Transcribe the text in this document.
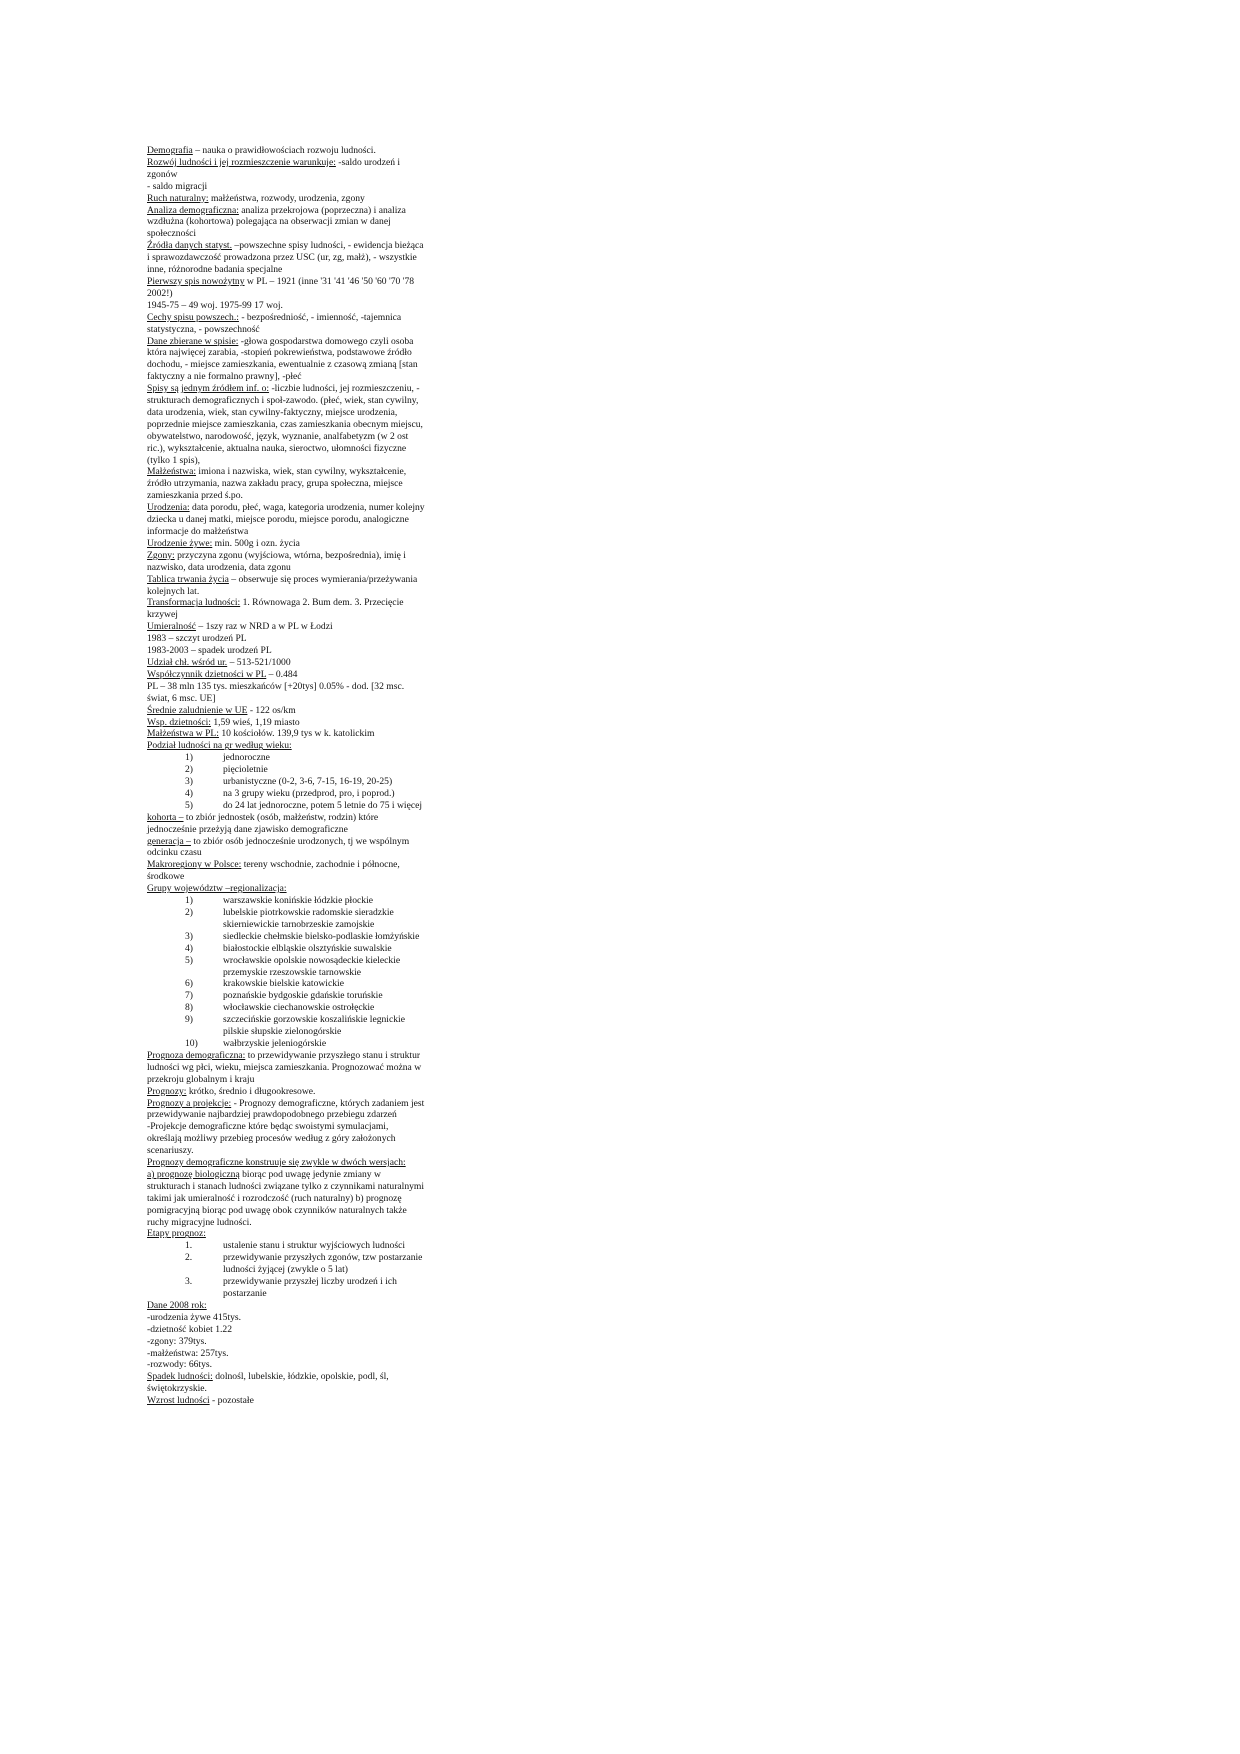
Demografia – nauka o prawidłowościach rozwoju ludności.
Rozwój ludności i jej rozmieszczenie warunkuje: -saldo urodzeń i zgonów
- saldo migracji
Ruch naturalny: małżeństwa, rozwody, urodzenia, zgony
Analiza demograficzna: analiza przekrojowa (poprzeczna) i analiza wzdłużna (kohortowa) polegająca na obserwacji zmian w danej społeczności
Źródła danych statyst. –powszechne spisy ludności, - ewidencja bieżąca i sprawozdawczość prowadzona przez USC (ur, zg, małż), - wszystkie inne, różnorodne badania specjalne
Pierwszy spis nowożytny w PL – 1921 (inne '31 '41 '46 '50 '60 '70 '78 2002!)
1945-75 – 49 woj. 1975-99 17 woj.
Cechy spisu powszech.: - bezpośredniość, - imienność, -tajemnica statystyczna, - powszechność
Dane zbierane w spisie: -głowa gospodarstwa domowego czyli osoba która najwięcej zarabia, -stopień pokrewieństwa, podstawowe źródło dochodu, - miejsce zamieszkania, ewentualnie z czasową zmianą [stan faktyczny a nie formalno prawny], -płeć
Spisy są jednym źródłem inf. o: -liczbie ludności, jej rozmieszczeniu, - strukturach demograficznych i społ-zawodo. (płeć, wiek, stan cywilny, data urodzenia, wiek, stan cywilny-faktyczny, miejsce urodzenia, poprzednie miejsce zamieszkania, czas zamieszkania obecnym miejscu, obywatelstwo, narodowość, język, wyznanie, analfabetyzm (w 2 ost ric.), wykształcenie, aktualna nauka, sieroctwo, ułomności fizyczne (tylko 1 spis),
Małżeństwa: imiona i nazwiska, wiek, stan cywilny, wykształcenie, źródło utrzymania, nazwa zakładu pracy, grupa społeczna, miejsce zamieszkania przed ś.po.
Urodzenia: data porodu, płeć, waga, kategoria urodzenia, numer kolejny dziecka u danej matki, miejsce porodu, miejsce porodu, analogiczne informacje do małżeństwa
Urodzenie żywe: min. 500g i ozn. życia
Zgony: przyczyna zgonu (wyjściowa, wtórna, bezpośrednia), imię i nazwisko, data urodzenia, data zgonu
Tablica trwania życia – obserwuje się proces wymierania/przeżywania kolejnych lat.
Transformacja ludności: 1. Równowaga 2. Bum dem. 3. Przecięcie krzywej
Umieralność – 1szy raz w NRD a w PL w Łodzi
1983 – szczyt urodzeń PL
1983-2003 – spadek urodzeń PL
Udział chł. wśród ur. – 513-521/1000
Współczynnik dzietności w PL – 0.484
PL – 38 mln 135 tys. mieszkańców [+20tys] 0.05% - dod. [32 msc. świat, 6 msc. UE]
Średnie zaludnienie w UE - 122 os/km
Wsp. dzietności: 1,59 wieś, 1,19 miasto
Małżeństwa w PL: 10 kościołów. 139,9 tys w k. katolickim
Podział ludności na gr według wieku:
1)	jednoroczne
2)	pięcioletnie
3)	urbanistyczne (0-2, 3-6, 7-15, 16-19, 20-25)
4)	na 3 grupy wieku (przedprod, pro, i poprod.)
5)	do 24 lat jednoroczne, potem 5 letnie do 75 i więcej
kohorta – to zbiór jednostek (osób, małżeństw, rodzin) które jednocześnie przeżyją dane zjawisko demograficzne
generacja – to zbiór osób jednocześnie urodzonych, tj we wspólnym odcinku czasu
Makroregiony w Polsce: tereny wschodnie, zachodnie i północne, środkowe
Grupy województw –regionalizacja:
1)	warszawskie konińskie łódzkie płockie
2)	lubelskie piotrkowskie radomskie sieradzkie skierniewickie tarnobrzeskie zamojskie
3)	siedleckie chełmskie bielsko-podlaskie łomżyńskie
4)	białostockie elbląskie olsztyńskie suwalskie
5)	wrocławskie opolskie nowosądeckie kieleckie przemyskie rzeszowskie tarnowskie
6)	krakowskie bielskie katowickie
7)	poznańskie bydgoskie gdańskie toruńskie
8)	włocławskie ciechanowskie ostrołęckie
9)	szczecińskie gorzowskie koszalińskie legnickie pilskie słupskie zielonogórskie
10)	wałbrzyskie jeleniogórskie
Prognoza demograficzna: to przewidywanie przyszłego stanu i struktur ludności wg płci, wieku, miejsca zamieszkania. Prognozować można w przekroju globalnym i kraju
Prognozy: krótko, średnio i długookresowe.
Prognozy a projekcje: - Prognozy demograficzne, których zadaniem jest przewidywanie najbardziej prawdopodobnego przebiegu zdarzeń
-Projekcje demograficzne które będąc swoistymi symulacjami, określają możliwy przebieg procesów według z góry założonych scenariuszy.
Prognozy demograficzne konstruuje się zwykle w dwóch wersjach:
a) prognozę biologiczną biorąc pod uwagę jedynie zmiany w strukturach i stanach ludności związane tylko z czynnikami naturalnymi takimi jak umieralność i rozrodczość (ruch naturalny) b) prognozę pomigracyjną biorąc pod uwagę obok czynników naturalnych także ruchy migracyjne ludności.
Etapy prognoz:
1.	ustalenie stanu i struktur wyjściowych ludności
2.	przewidywanie przyszłych zgonów, tzw postarzanie ludności żyjącej (zwykle o 5 lat)
3.	przewidywanie przyszłej liczby urodzeń i ich postarzanie
Dane 2008 rok:
-urodzenia żywe 415tys.
-dzietność kobiet 1.22
-zgony: 379tys.
-małżeństwa: 257tys.
-rozwody: 66tys.
Spadek ludności: dolnośl, lubelskie, łódzkie, opolskie, podl, śl, świętokrzyskie.
Wzrost ludności - pozostałe
